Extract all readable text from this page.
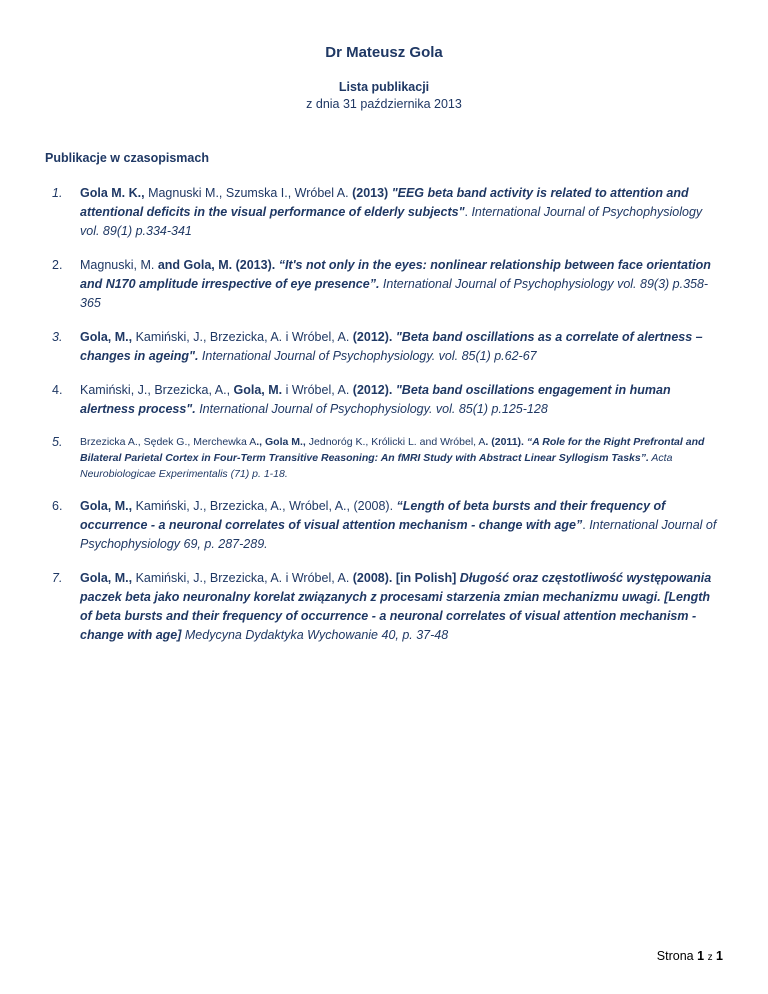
Dr Mateusz Gola
Lista publikacji
z dnia 31 października 2013
Publikacje w czasopismach
1. Gola M. K., Magnuski M., Szumska I., Wróbel A. (2013) "EEG beta band activity is related to attention and attentional deficits in the visual performance of elderly subjects". International Journal of Psychophysiology vol. 89(1) p.334-341
2. Magnuski, M. and Gola, M. (2013). “It's not only in the eyes: nonlinear relationship between face orientation and N170 amplitude irrespective of eye presence”. International Journal of Psychophysiology vol. 89(3) p.358-365
3. Gola, M., Kamiński, J., Brzezicka, A. i Wróbel, A. (2012). "Beta band oscillations as a correlate of alertness – changes in ageing". International Journal of Psychophysiology. vol. 85(1) p.62-67
4. Kamiński, J., Brzezicka, A., Gola, M. i Wróbel, A. (2012). "Beta band oscillations engagement in human alertness process". International Journal of Psychophysiology. vol. 85(1) p.125-128
5. Brzezicka A., Sędek G., Merchewka A., Gola M., Jednoróg K., Królicki L. and Wróbel, A. (2011). “A Role for the Right Prefrontal and Bilateral Parietal Cortex in Four-Term Transitive Reasoning: An fMRI Study with Abstract Linear Syllogism Tasks”. Acta Neurobiologicae Experimentalis (71) p. 1-18.
6. Gola, M., Kamiński, J., Brzezicka, A., Wróbel, A., (2008). “Length of beta bursts and their frequency of occurrence - a neuronal correlates of visual attention mechanism - change with age”. International Journal of Psychophysiology 69, p. 287-289.
7. Gola, M., Kamiński, J., Brzezicka, A. i Wróbel, A. (2008). [in Polish] Długość oraz częstotliwość występowania paczek beta jako neuronalny korelat związanych z procesami starzenia zmian mechanizmu uwagi. [Length of beta bursts and their frequency of occurrence - a neuronal correlates of visual attention mechanism - change with age] Medycyna Dydaktyka Wychowanie 40, p. 37-48
Strona 1 z 1
